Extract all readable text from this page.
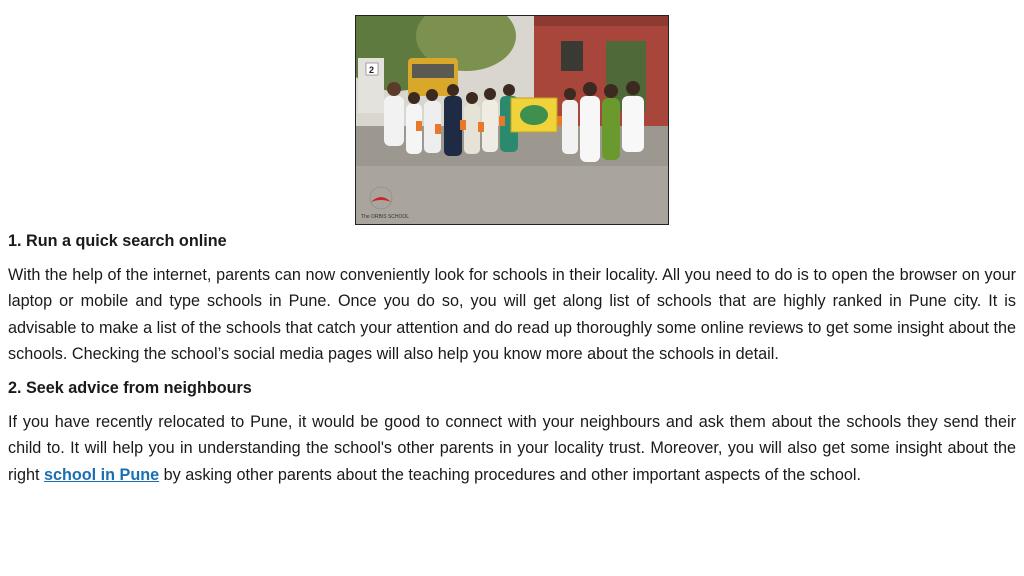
2
The ORBIS SCHOOL
1. Run a quick search online

With the help of the internet, parents can now conveniently look for schools in their locality. All you need to do is to open the browser on your laptop or mobile and type schools in Pune. Once you do so, you will get along list of schools that are highly ranked in Pune city. It is advisable to make a list of the schools that catch your attention and do read up thoroughly some online reviews to get some insight about the schools. Checking the school’s social media pages will also help you know more about the schools in detail.

2. Seek advice from neighbours

If you have recently relocated to Pune, it would be good to connect with your neighbours and ask them about the schools they send their child to. It will help you in understanding the school's other parents in your locality trust. Moreover, you will also get some insight about the right school in Pune by asking other parents about the teaching procedures and other important aspects of the school.
